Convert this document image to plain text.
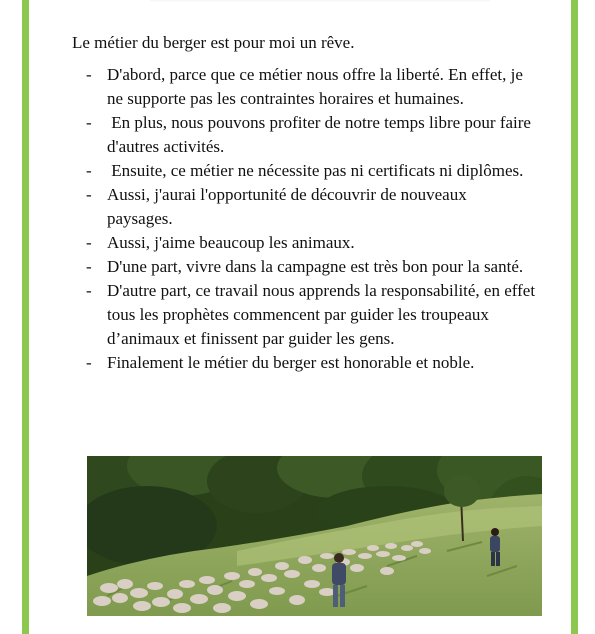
Le métier du berger est pour moi un rêve.

- D'abord, parce que ce métier nous offre la liberté. En effet, je ne supporte pas les contraintes horaires et humaines.
- En plus, nous pouvons profiter de notre temps libre pour faire d'autres activités.
- Ensuite, ce métier ne nécessite pas ni certificats ni diplômes.
- Aussi, j'aurai l'opportunité de découvrir de nouveaux paysages.
- Aussi, j'aime beaucoup les animaux.
- D'une part, vivre dans la campagne est très bon pour la santé.
- D'autre part, ce travail nous apprends la responsabilité, en effet tous les prophètes commencent par guider les troupeaux d’animaux et finissent par guider les gens.
- Finalement le métier du berger est honorable et noble.
